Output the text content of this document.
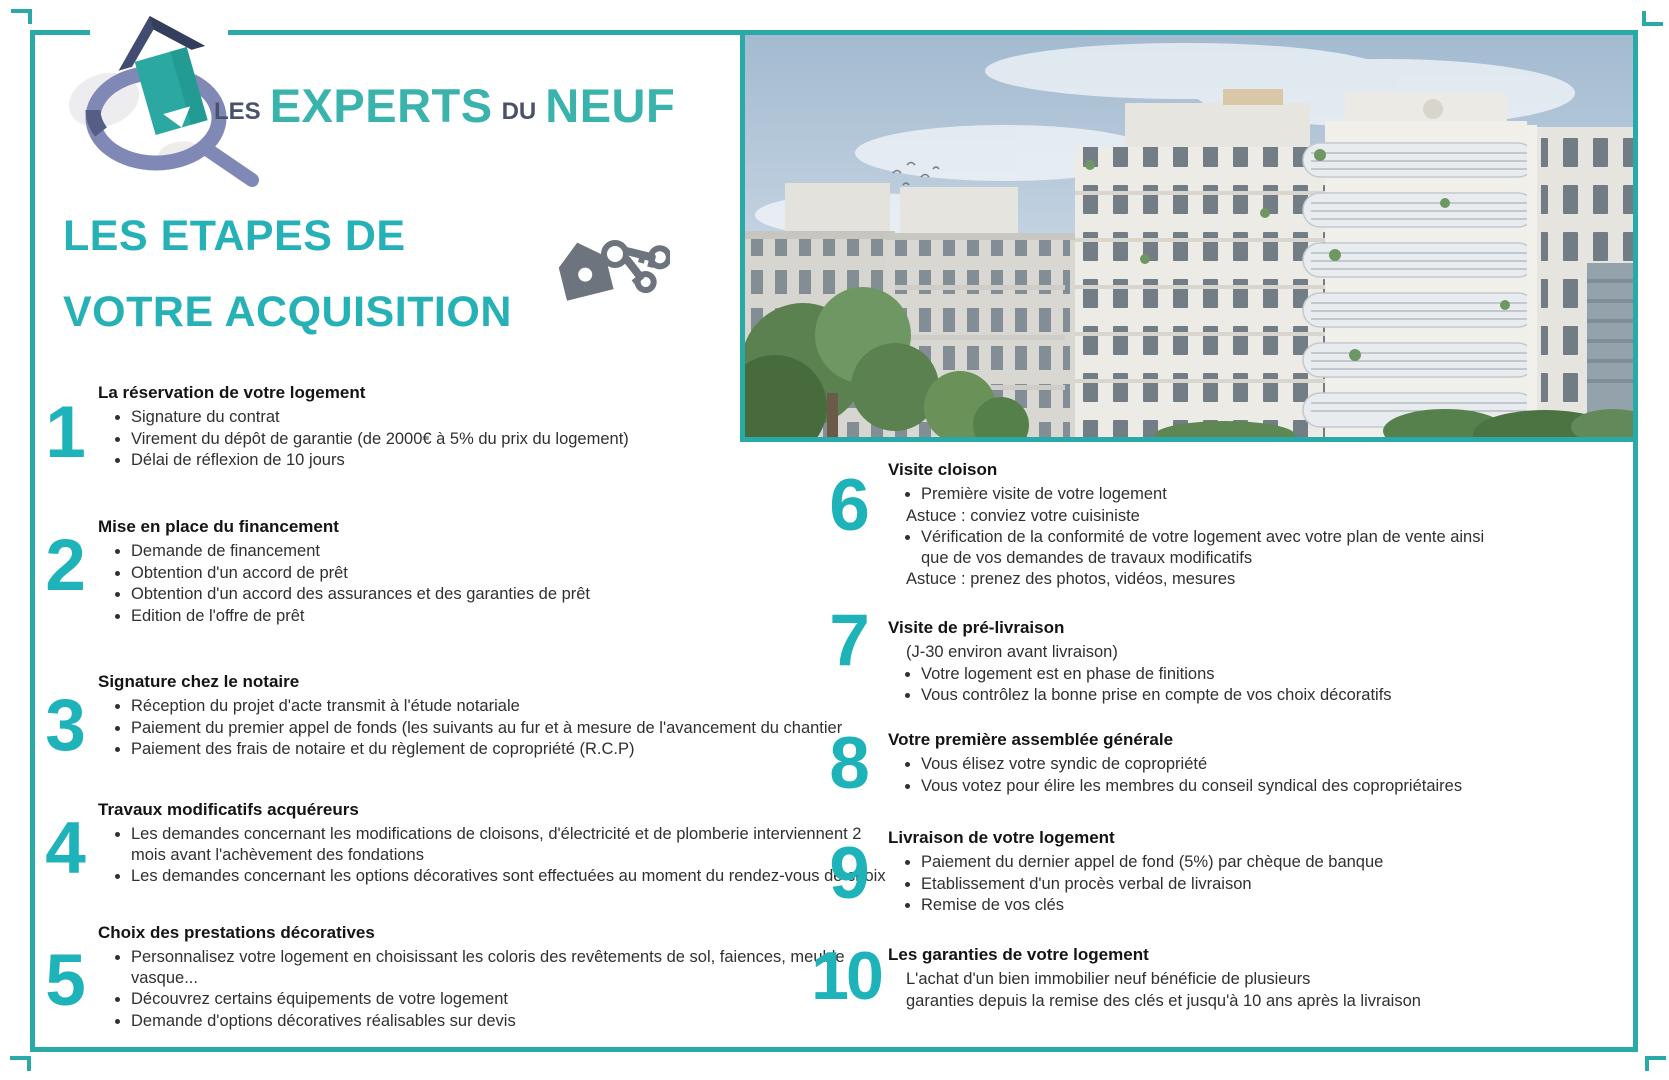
LES EXPERTS DU NEUF
LES ETAPES DE
VOTRE ACQUISITION
1 La réservation de votre logement
• Signature du contrat
• Virement du dépôt de garantie (de 2000€ à 5% du prix du logement)
• Délai de réflexion de 10 jours
2 Mise en place du financement
• Demande de financement
• Obtention d'un accord de prêt
• Obtention d'un accord des assurances et des garanties de prêt
• Edition de l'offre de prêt
3
Signature chez le notaire
• Réception du projet d'acte transmit à l'étude notariale
• Paiement du premier appel de fonds (les suivants au fur et à mesure de l'avancement du chantier
• Paiement des frais de notaire et du règlement de copropriété (R.C.P)
4 Travaux modificatifs acquéreurs
• Les demandes concernant les modifications de cloisons, d'électricité et de plomberie interviennent 2 mois avant l'achèvement des fondations
• Les demandes concernant les options décoratives sont effectuées au moment du rendez-vous de choix
5
Choix des prestations décoratives
• Personnalisez votre logement en choisissant les coloris des revêtements de sol, faiences, meuble vasque...
• Découvrez certains équipements de votre logement
• Demande d'options décoratives réalisables sur devis
6	Visite cloison
• Première visite de votre logement
Astuce : conviez votre cuisiniste
• Vérification de la conformité de votre logement avec votre plan de vente ainsi que de vos demandes de travaux modificatifs
Astuce : prenez des photos, vidéos, mesures
7	Visite de pré-livraison
(J-30 environ avant livraison)
• Votre logement est en phase de finitions
• Vous contrôlez la bonne prise en compte de vos choix décoratifs
8	Votre première assemblée générale
• Vous élisez votre syndic de copropriété
• Vous votez pour élire les membres du conseil syndical des copropriétaires
9	Livraison de votre logement
• Paiement du dernier appel de fond (5%) par chèque de banque
• Etablissement d'un procès verbal de livraison
• Remise de vos clés
10 Les garanties de votre logement
L'achat d'un bien immobilier neuf bénéficie de plusieurs
garanties depuis la remise des clés et jusqu'à 10 ans après la livraison
